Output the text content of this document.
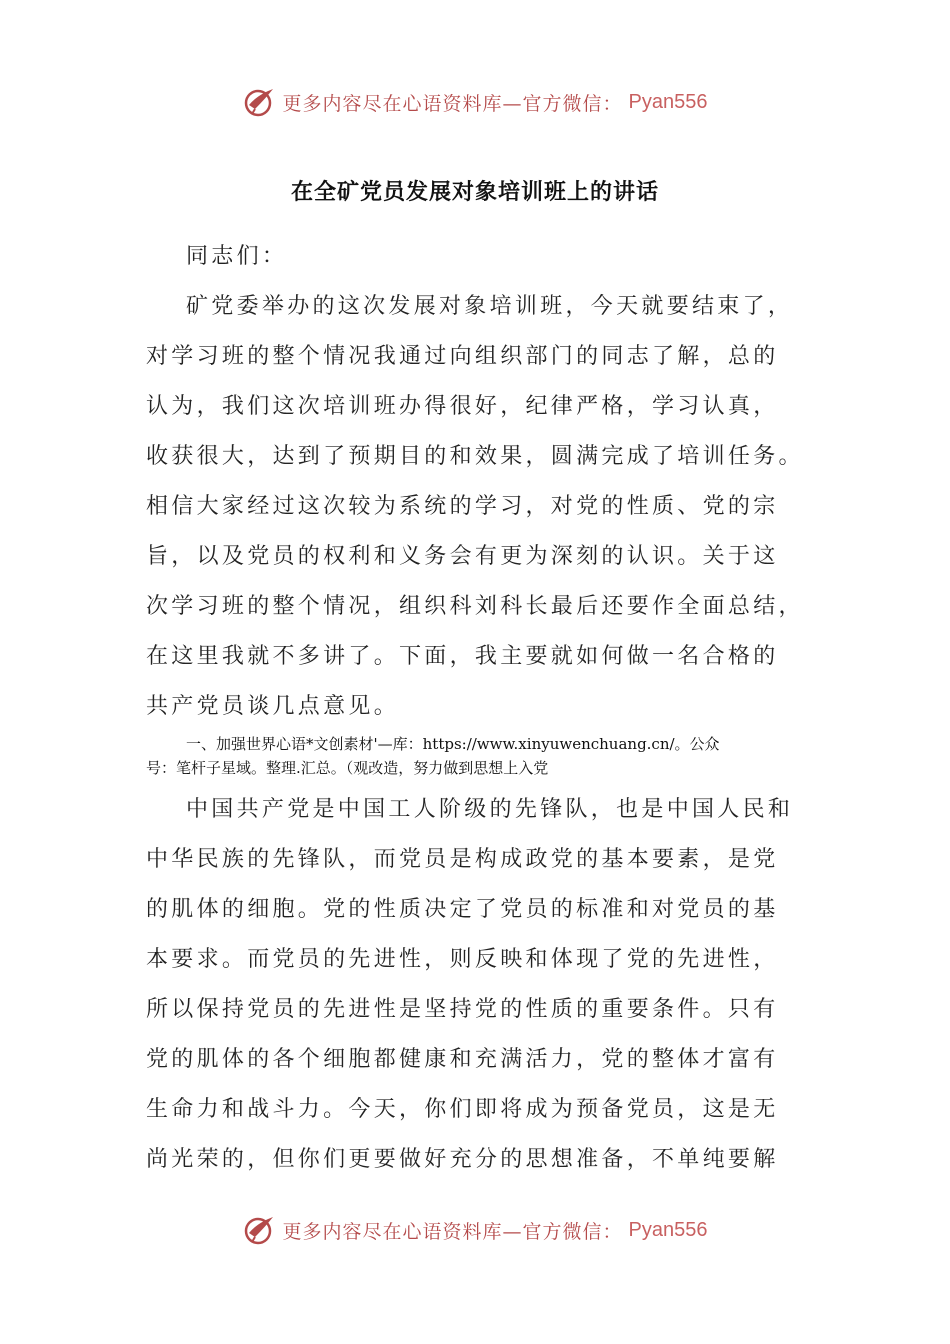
更多内容尽在心语资料库—官方微信： Pyan556
在全矿党员发展对象培训班上的讲话
同志们：
矿党委举办的这次发展对象培训班，今天就要结束了，
对学习班的整个情况我通过向组织部门的同志了解，总的
认为，我们这次培训班办得很好，纪律严格，学习认真，
收获很大，达到了预期目的和效果，圆满完成了培训任务。
相信大家经过这次较为系统的学习，对党的性质、党的宗
旨，以及党员的权利和义务会有更为深刻的认识。关于这
次学习班的整个情况，组织科刘科长最后还要作全面总结，
在这里我就不多讲了。下面，我主要就如何做一名合格的
共产党员谈几点意见。
一、加强世界心语*文创素材'—库：https://www.xinyuwenchuang.cn/。公众
号：笔杆子星域。整理.汇总。（观改造，努力做到思想上入党
中国共产党是中国工人阶级的先锋队，也是中国人民和
中华民族的先锋队，而党员是构成政党的基本要素，是党
的肌体的细胞。党的性质决定了党员的标准和对党员的基
本要求。而党员的先进性，则反映和体现了党的先进性，
所以保持党员的先进性是坚持党的性质的重要条件。只有
党的肌体的各个细胞都健康和充满活力，党的整体才富有
生命力和战斗力。今天，你们即将成为预备党员，这是无
尚光荣的，但你们更要做好充分的思想准备，不单纯要解
更多内容尽在心语资料库—官方微信： Pyan556
